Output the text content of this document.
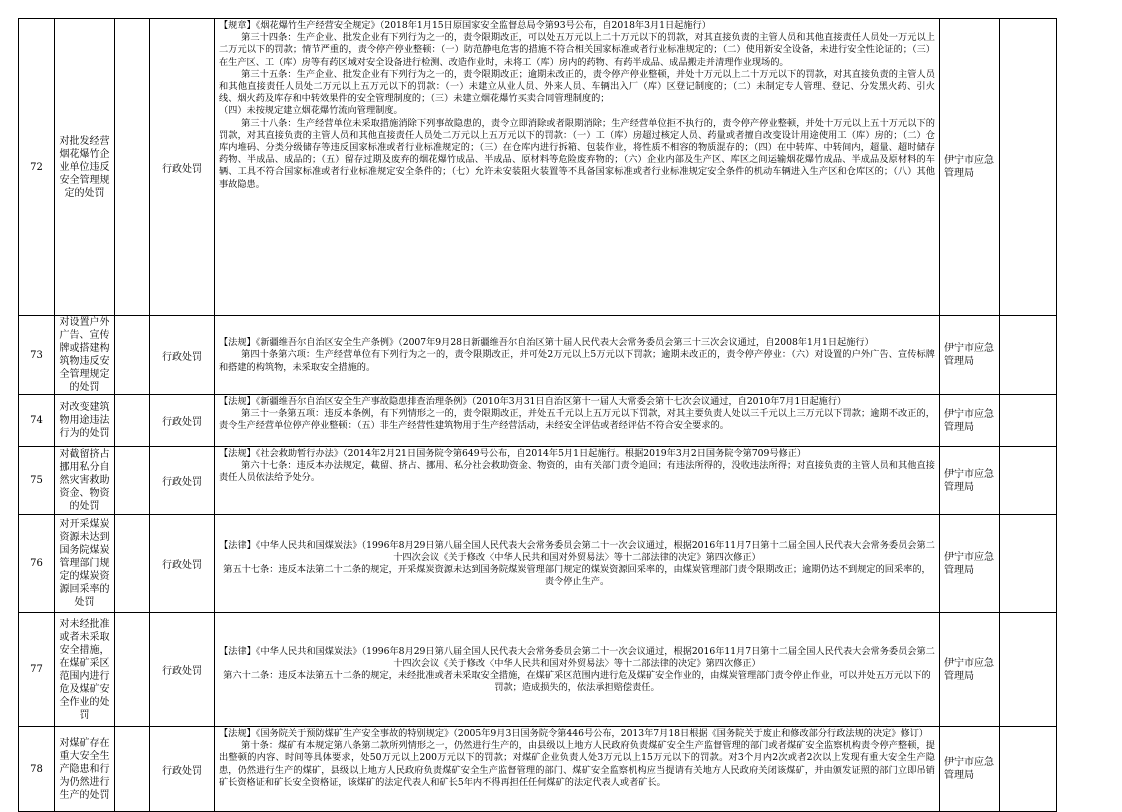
72	对批发经营烟花爆竹企业单位违反安全管理规定的处罚		行政处罚	【规章】《烟花爆竹生产经营安全规定》（2018年1月15日原国家安全监督总局令第93号公布，自2018年3月1日起施行）

第三十四条：生产企业、批发企业有下列行为之一的，责令限期改正，可以处五万元以上二十万元以下的罚款，对其直接负责的主管人员和其他直接责任人员处一万元以上二万元以下的罚款；情节严重的，责令停产停业整顿：（一）防范静电危害的措施不符合相关国家标准或者行业标准规定的；（二）使用新安全设备，未进行安全性论证的；（三）在生产区、工（库）房等有药区域对安全设备进行检测、改造作业时，未将工（库）房内的药物、有药半成品、成品搬走并清理作业现场的。

第三十五条：生产企业、批发企业有下列行为之一的，责令限期改正；逾期未改正的，责令停产停业整顿，并处十万元以上二十万元以下的罚款，对其直接负责的主管人员和其他直接责任人员处二万元以上五万元以下的罚款：（一）未建立从业人员、外来人员、车辆出入厂（库）区登记制度的；（二）未制定专人管理、登记、分发黑火药、引火线、烟火药及库存和中转效果件的安全管理制度的；（三）未建立烟花爆竹买卖合同管理制度的；

（四）未按规定建立烟花爆竹流向管理制度。

第三十八条：生产经营单位未采取措施消除下列事故隐患的，责令立即消除或者限期消除；生产经营单位拒不执行的，责令停产停业整顿，并处十万元以上五十万元以下的罚款，对其直接负责的主管人员和其他直接责任人员处二万元以上五万元以下的罚款：（一）工（库）房超过核定人员、药量或者擅自改变设计用途使用工（库）房的；（二）仓库内堆码、分类分级储存等违反国家标准或者行业标准规定的；（三）在仓库内进行拆箱、包装作业，将性质不相容的物质混存的；（四）在中转库、中转间内，超量、超时储存药物、半成品、成品的；（五）留存过期及废弃的烟花爆竹成品、半成品、原材料等危险废弃物的；（六）企业内部及生产区、库区之间运输烟花爆竹成品、半成品及原材料的车辆、工具不符合国家标准或者行业标准规定安全条件的；（七）允许未安装阻火装置等不具备国家标准或者行业标准规定安全条件的机动车辆进入生产区和仓库区的；（八）其他事故隐患。	伊宁市应急管理局	
73	对设置户外广告、宣传牌或搭建构筑物违反安全管理规定的处罚		行政处罚	【法规】《新疆维吾尔自治区安全生产条例》（2007年9月28日新疆维吾尔自治区第十届人民代表大会常务委员会第三十三次会议通过，自2008年1月1日起施行）

第四十条第六项：生产经营单位有下列行为之一的，责令限期改正，并可处2万元以上5万元以下罚款；逾期未改正的，责令停产停业：（六）对设置的户外广告、宣传标牌和搭建的构筑物，未采取安全措施的。	伊宁市应急管理局	
74	对改变建筑物用途违法行为的处罚		行政处罚	【法规】《新疆维吾尔自治区安全生产事故隐患排查治理条例》（2010年3月31日自治区第十一届人大常委会第十七次会议通过，自2010年7月1日起施行）

第三十一条第五项：违反本条例，有下列情形之一的，责令限期改正，并处五千元以上五万元以下罚款，对其主要负责人处以三千元以上三万元以下罚款；逾期不改正的，责令生产经营单位停产停业整顿：（五）非生产经营性建筑物用于生产经营活动，未经安全评估或者经评估不符合安全要求的。	伊宁市应急管理局	
75	对截留挤占挪用私分自然灾害救助资金、物资的处罚		行政处罚	【法规】《社会救助暂行办法》（2014年2月21日国务院令第649号公布，自2014年5月1日起施行。根据2019年3月2日国务院令第709号修正）

第六十七条：违反本办法规定，截留、挤占、挪用、私分社会救助资金、物资的，由有关部门责令追回；有违法所得的，没收违法所得；对直接负责的主管人员和其他直接责任人员依法给予处分。	伊宁市应急管理局	
76	对开采煤炭资源未达到国务院煤炭管理部门规定的煤炭资源回采率的处罚		行政处罚	【法律】《中华人民共和国煤炭法》（1996年8月29日第八届全国人民代表大会常务委员会第二十一次会议通过，根据2016年11月7日第十二届全国人民代表大会常务委员会第二十四次会议《关于修改〈中华人民共和国对外贸易法〉等十二部法律的决定》第四次修正）

第五十七条：违反本法第二十二条的规定，开采煤炭资源未达到国务院煤炭管理部门规定的煤炭资源回采率的，由煤炭管理部门责令限期改正；逾期仍达不到规定的回采率的，责令停止生产。	伊宁市应急管理局	
77	对未经批准或者未采取安全措施，在煤矿采区范围内进行危及煤矿安全作业的处罚		行政处罚	【法律】《中华人民共和国煤炭法》（1996年8月29日第八届全国人民代表大会常务委员会第二十一次会议通过，根据2016年11月7日第十二届全国人民代表大会常务委员会第二十四次会议《关于修改〈中华人民共和国对外贸易法〉等十二部法律的决定》第四次修正）

第六十二条：违反本法第五十二条的规定，未经批准或者未采取安全措施，在煤矿采区范围内进行危及煤矿安全作业的，由煤炭管理部门责令停止作业，可以并处五万元以下的罚款；造成损失的，依法承担赔偿责任。	伊宁市应急管理局	
78	对煤矿存在重大安全生产隐患和行为仍然进行生产的处罚		行政处罚	【法规】《国务院关于预防煤矿生产安全事故的特别规定》（2005年9月3日国务院令第446号公布，2013年7月18日根据《国务院关于废止和修改部分行政法规的决定》修订）

第十条：煤矿有本规定第八条第二款所列情形之一，仍然进行生产的，由县级以上地方人民政府负责煤矿安全生产监督管理的部门或者煤矿安全监察机构责令停产整顿，提出整顿的内容、时间等具体要求，处50万元以上200万元以下的罚款；对煤矿企业负责人处3万元以上15万元以下的罚款。对3个月内2次或者2次以上发现有重大安全生产隐患，仍然进行生产的煤矿，县级以上地方人民政府负责煤矿安全生产监督管理的部门、煤矿安全监察机构应当提请有关地方人民政府关闭该煤矿，并由颁发证照的部门立即吊销矿长资格证和矿长安全资格证，该煤矿的法定代表人和矿长5年内不得再担任任何煤矿的法定代表人或者矿长。	伊宁市应急管理局	
